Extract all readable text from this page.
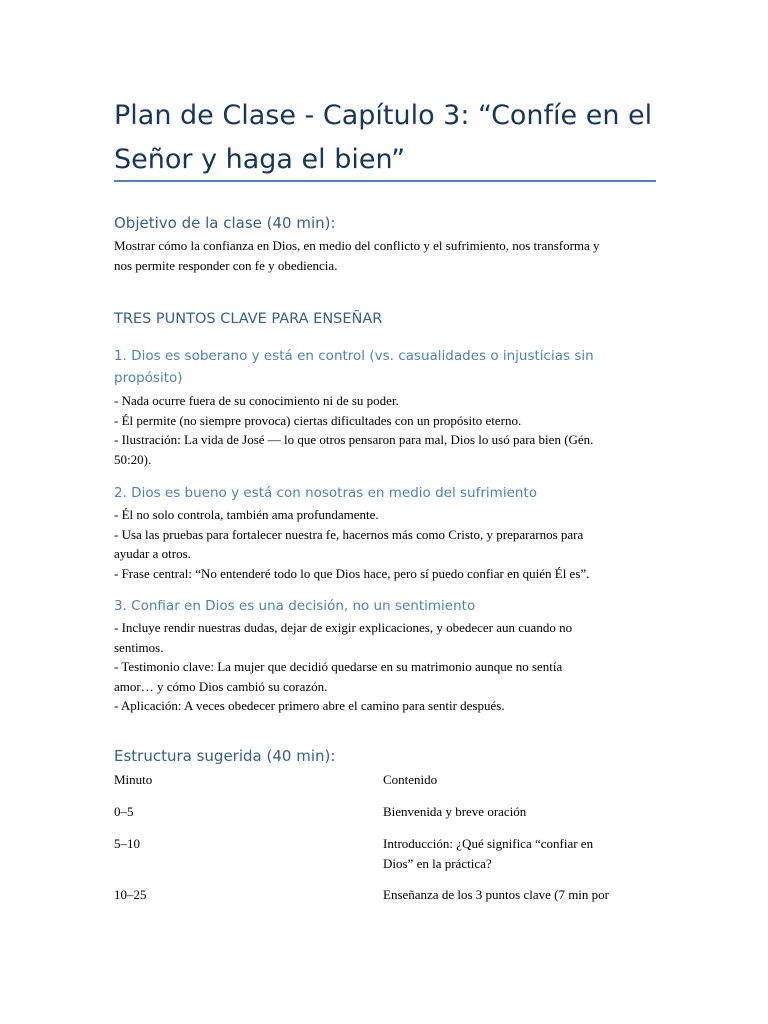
Plan de Clase - Capítulo 3: “Confíe en el
Señor y haga el bien”
Objetivo de la clase (40 min):
Mostrar cómo la confianza en Dios, en medio del conflicto y el sufrimiento, nos transforma y
nos permite responder con fe y obediencia.
TRES PUNTOS CLAVE PARA ENSEÑAR
1. Dios es soberano y está en control (vs. casualidades o injusticias sin
propósito)
- Nada ocurre fuera de su conocimiento ni de su poder.
- Él permite (no siempre provoca) ciertas dificultades con un propósito eterno.
- Ilustración: La vida de José — lo que otros pensaron para mal, Dios lo usó para bien (Gén.
50:20).
2. Dios es bueno y está con nosotras en medio del sufrimiento
- Él no solo controla, también ama profundamente.
- Usa las pruebas para fortalecer nuestra fe, hacernos más como Cristo, y prepararnos para
ayudar a otros.
- Frase central: “No entenderé todo lo que Dios hace, pero sí puedo confiar en quién Él es”.
3. Confiar en Dios es una decisión, no un sentimiento
- Incluye rendir nuestras dudas, dejar de exigir explicaciones, y obedecer aun cuando no
sentimos.
- Testimonio clave: La mujer que decidió quedarse en su matrimonio aunque no sentía
amor… y cómo Dios cambió su corazón.
- Aplicación: A veces obedecer primero abre el camino para sentir después.
Estructura sugerida (40 min):
Minuto	Contenido
0–5	Bienvenida y breve oración
5–10	Introducción: ¿Qué significa “confiar en
Dios” en la práctica?
10–25	Enseñanza de los 3 puntos clave (7 min por
